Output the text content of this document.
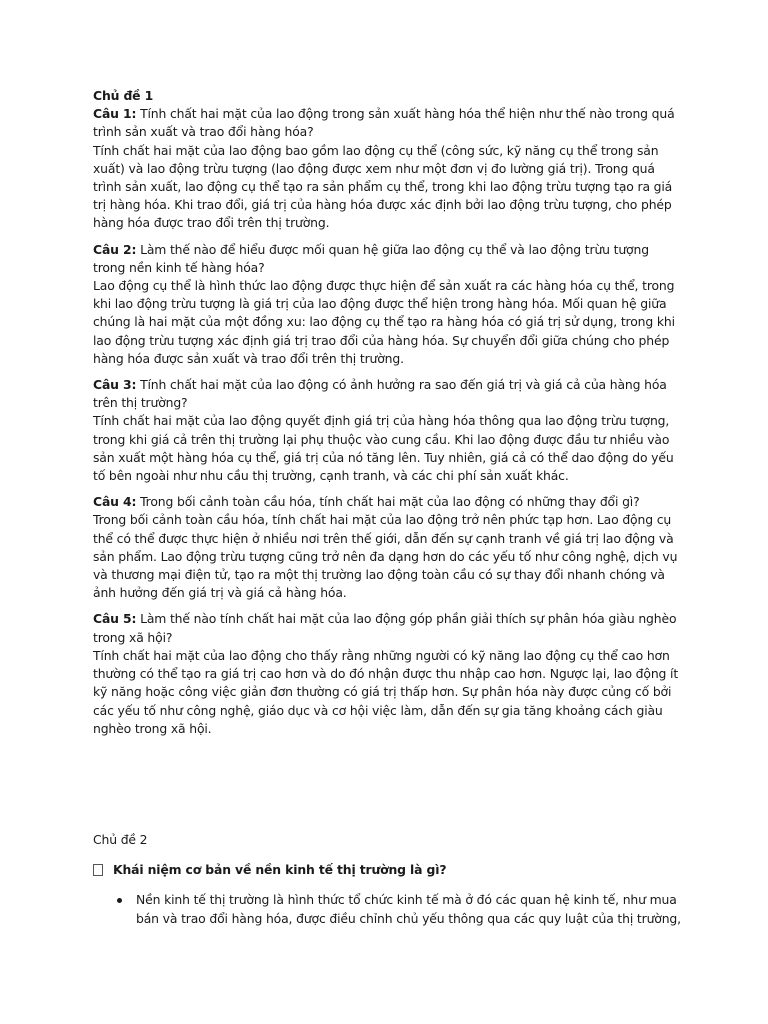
Chủ đề 1

Câu 1: Tính chất hai mặt của lao động trong sản xuất hàng hóa thể hiện như thế nào trong quá trình sản xuất và trao đổi hàng hóa?

Tính chất hai mặt của lao động bao gồm lao động cụ thể (công sức, kỹ năng cụ thể trong sản xuất) và lao động trừu tượng (lao động được xem như một đơn vị đo lường giá trị). Trong quá trình sản xuất, lao động cụ thể tạo ra sản phẩm cụ thể, trong khi lao động trừu tượng tạo ra giá trị hàng hóa. Khi trao đổi, giá trị của hàng hóa được xác định bởi lao động trừu tượng, cho phép hàng hóa được trao đổi trên thị trường.

Câu 2: Làm thế nào để hiểu được mối quan hệ giữa lao động cụ thể và lao động trừu tượng trong nền kinh tế hàng hóa?

Lao động cụ thể là hình thức lao động được thực hiện để sản xuất ra các hàng hóa cụ thể, trong khi lao động trừu tượng là giá trị của lao động được thể hiện trong hàng hóa. Mối quan hệ giữa chúng là hai mặt của một đồng xu: lao động cụ thể tạo ra hàng hóa có giá trị sử dụng, trong khi lao động trừu tượng xác định giá trị trao đổi của hàng hóa. Sự chuyển đổi giữa chúng cho phép hàng hóa được sản xuất và trao đổi trên thị trường.

Câu 3: Tính chất hai mặt của lao động có ảnh hưởng ra sao đến giá trị và giá cả của hàng hóa trên thị trường?

Tính chất hai mặt của lao động quyết định giá trị của hàng hóa thông qua lao động trừu tượng, trong khi giá cả trên thị trường lại phụ thuộc vào cung cầu. Khi lao động được đầu tư nhiều vào sản xuất một hàng hóa cụ thể, giá trị của nó tăng lên. Tuy nhiên, giá cả có thể dao động do yếu tố bên ngoài như nhu cầu thị trường, cạnh tranh, và các chi phí sản xuất khác.

Câu 4: Trong bối cảnh toàn cầu hóa, tính chất hai mặt của lao động có những thay đổi gì?

Trong bối cảnh toàn cầu hóa, tính chất hai mặt của lao động trở nên phức tạp hơn. Lao động cụ thể có thể được thực hiện ở nhiều nơi trên thế giới, dẫn đến sự cạnh tranh về giá trị lao động và sản phẩm. Lao động trừu tượng cũng trở nên đa dạng hơn do các yếu tố như công nghệ, dịch vụ và thương mại điện tử, tạo ra một thị trường lao động toàn cầu có sự thay đổi nhanh chóng và ảnh hưởng đến giá trị và giá cả hàng hóa.

Câu 5: Làm thế nào tính chất hai mặt của lao động góp phần giải thích sự phân hóa giàu nghèo trong xã hội?

Tính chất hai mặt của lao động cho thấy rằng những người có kỹ năng lao động cụ thể cao hơn thường có thể tạo ra giá trị cao hơn và do đó nhận được thu nhập cao hơn. Ngược lại, lao động ít kỹ năng hoặc công việc giản đơn thường có giá trị thấp hơn. Sự phân hóa này được củng cố bởi các yếu tố như công nghệ, giáo dục và cơ hội việc làm, dẫn đến sự gia tăng khoảng cách giàu nghèo trong xã hội.

Chủ đề 2

Khái niệm cơ bản về nền kinh tế thị trường là gì?
Nền kinh tế thị trường là hình thức tổ chức kinh tế mà ở đó các quan hệ kinh tế, như mua bán và trao đổi hàng hóa, được điều chỉnh chủ yếu thông qua các quy luật của thị trường,
